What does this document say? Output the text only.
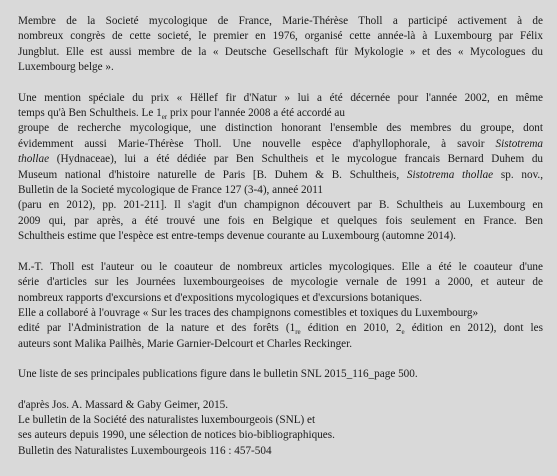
Membre de la Societé mycologique de France, Marie-Thérèse Tholl a participé activement à de
nombreux congrès de cette societé, le premier en 1976, organisé cette année-là à Luxembourg par Félix
Jungblut. Elle est aussi membre de la « Deutsche Gesellschaft für Mykologie » et des « Mycologues du
Luxembourg belge ».
Une mention spéciale du prix « Hëllef fir d'Natur » lui a été décernée pour l'année 2002, en même
temps qu'à Ben Schultheis. Le $1_{er}$ prix pour l'année 2008 a été accordé au
groupe de recherche mycologique, une distinction honorant l'ensemble des membres du groupe, dont
évidemment aussi Marie-Thérèse Tholl. Une nouvelle espèce d'aphyllophorale, à savoir Sistotrema
thollae (Hydnaceae), lui a été dédiée par Ben Schultheis et le mycologue francais Bernard Duhem du
Museum national d'histoire naturelle de Paris [B. Duhem & B. Schultheis, Sistotrema thollae sp. nov.,
Bulletin de la Societé mycologique de France 127 (3-4), anneé 2011
(paru en 2012), pp. 201-211]. Il s'agit d'un champignon découvert par B. Schultheis au Luxembourg en
2009 qui, par après, a été trouvé une fois en Belgique et quelques fois seulement en France. Ben
Schultheis estime que l'espèce est entre-temps devenue courante au Luxembourg (automne 2014).
M.-T. Tholl est l'auteur ou le coauteur de nombreux articles mycologiques. Elle a été le coauteur d'une
série d'articles sur les Journées luxembourgeoises de mycologie vernale de 1991 a 2000, et auteur de
nombreux rapports d'excursions et d'expositions mycologiques et d'excursions botaniques.
Elle a collaboré à l'ouvrage « Sur les traces des champignons comestibles et toxiques du Luxembourg»
edité par l'Administration de la nature et des forêts ($1_{re}$ édition en 2010, $2_e$ édition en 2012), dont les
auteurs sont Malika Pailhès, Marie Garnier-Delcourt et Charles Reckinger.
Une liste de ses principales publications figure dans le bulletin SNL 2015_116_page 500.
d'après Jos. A. Massard & Gaby Geimer, 2015.
Le bulletin de la Société des naturalistes luxembourgeois (SNL) et
ses auteurs depuis 1990, une sélection de notices bio-bibliographiques.
Bulletin des Naturalistes Luxembourgeois 116 : 457-504
